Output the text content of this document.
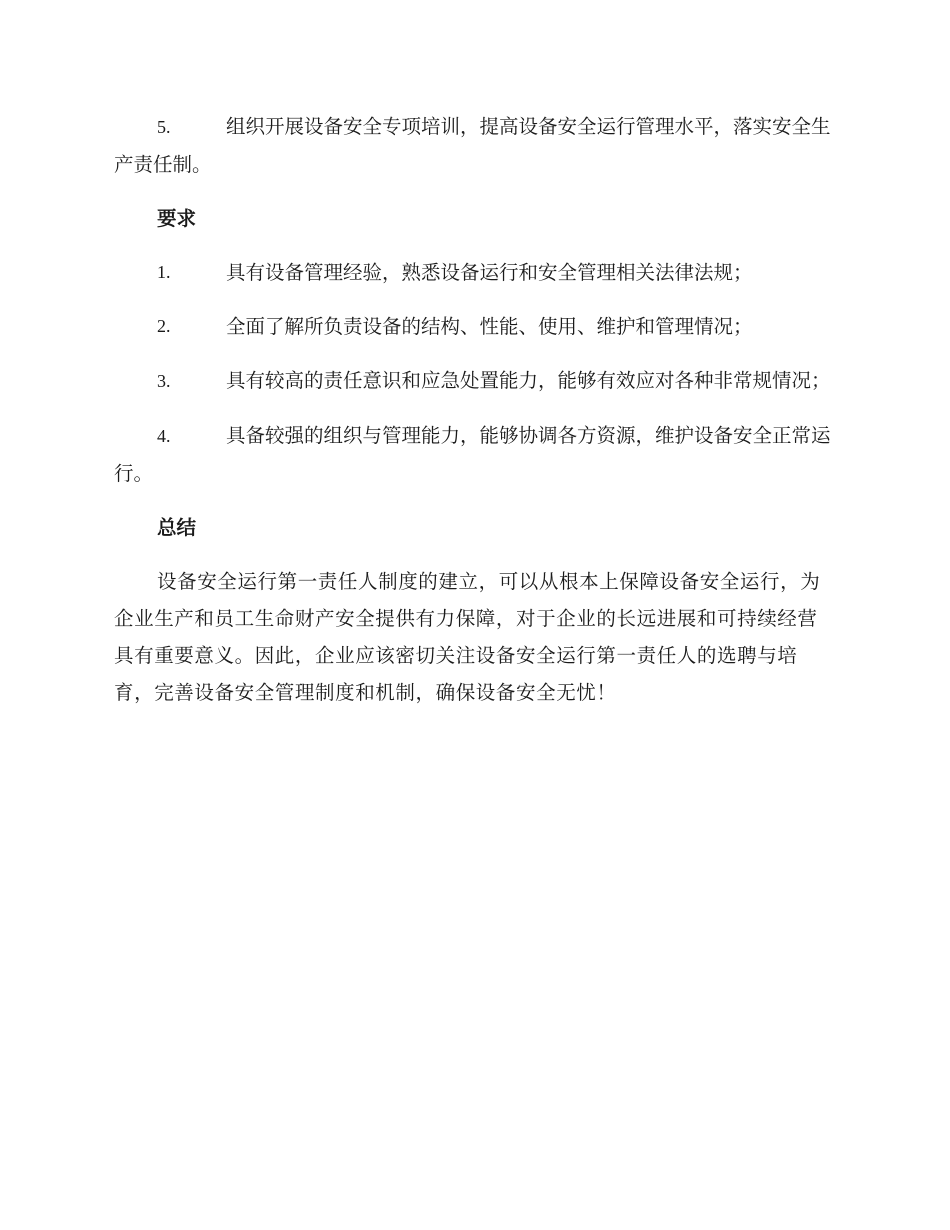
5.	组织开展设备安全专项培训，提高设备安全运行管理水平，落实安全生产责任制。
要求
1.	具有设备管理经验，熟悉设备运行和安全管理相关法律法规；
2.	全面了解所负责设备的结构、性能、使用、维护和管理情况；
3.	具有较高的责任意识和应急处置能力，能够有效应对各种非常规情况；
4.	具备较强的组织与管理能力，能够协调各方资源，维护设备安全正常运行。
总结

设备安全运行第一责任人制度的建立，可以从根本上保障设备安全运行，为企业生产和员工生命财产安全提供有力保障，对于企业的长远进展和可持续经营具有重要意义。因此，企业应该密切关注设备安全运行第一责任人的选聘与培育，完善设备安全管理制度和机制，确保设备安全无忧！
